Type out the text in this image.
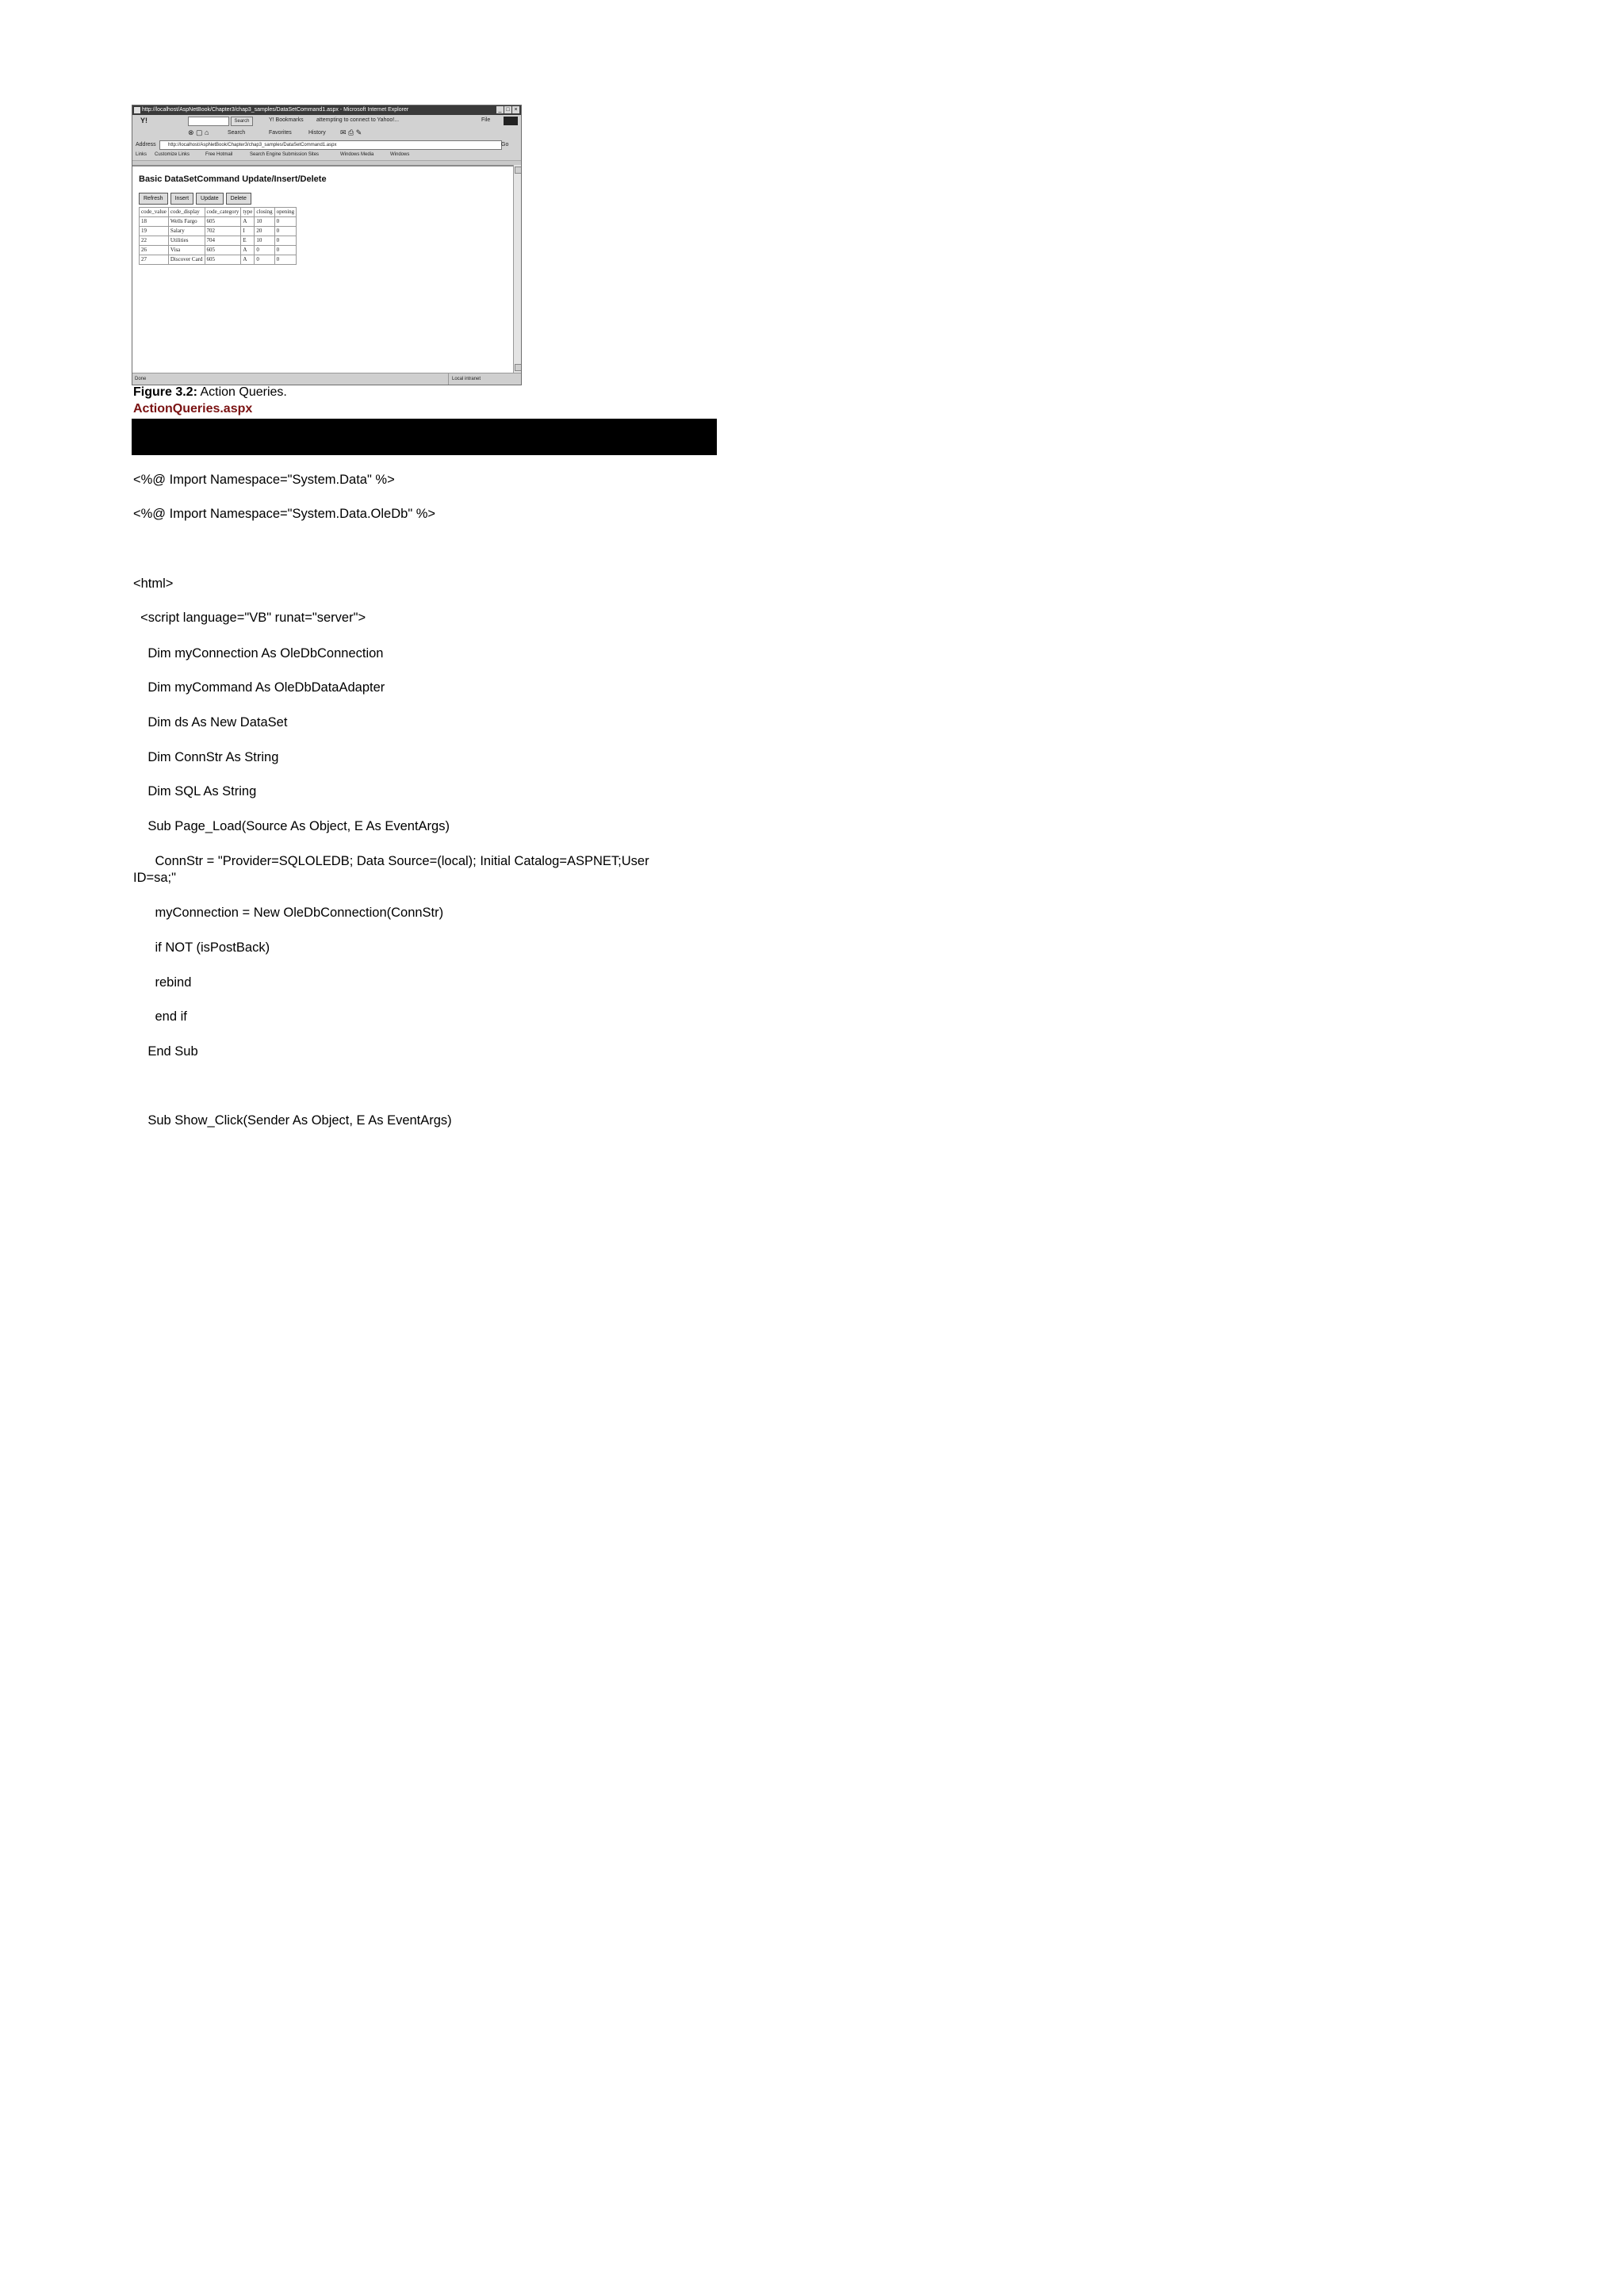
http://localhost/AspNetBook/Chapter3/chap3_samples/DataSetCommand1.aspx - Microsoft Internet Explorer	_ □ ×
Y!	Search	Y! Bookmarks attempting to connect to Yahoo!...	File
⊗ ▢ ⌂	Search	Favorites	History ✉ ⎙ ✎
Address	http://localhost/AspNetBook/Chapter3/chap3_samples/DataSetCommand1.aspx	Go
Links Customize Links	Free Hotmail	Search Engine Submission Sites	Windows Media	Windows
Basic DataSetCommand Update/Insert/Delete
Refresh	Insert	Update	Delete
code_value	code_display	code_category	type	closing	opening
18	Wells Fargo	605	A	10	0
19	Salary	702	I	20	0
22	Utilities	704	E	10	0
26	Visa	605	A	0	0
27	Discover Card	605	A	0	0
Done	Local intranet
Figure 3.2: Action Queries.
ActionQueries.aspx
<%@ Import Namespace="System.Data" %>
<%@ Import Namespace="System.Data.OleDb" %>
<html>
<script language="VB" runat="server">
Dim myConnection As OleDbConnection
Dim myCommand As OleDbDataAdapter
Dim ds As New DataSet
Dim ConnStr As String
Dim SQL As String
Sub Page_Load(Source As Object, E As EventArgs)
ConnStr = "Provider=SQLOLEDB; Data Source=(local); Initial Catalog=ASPNET;User
ID=sa;"
myConnection = New OleDbConnection(ConnStr)
if NOT (isPostBack)
rebind
end if
End Sub
Sub Show_Click(Sender As Object, E As EventArgs)
